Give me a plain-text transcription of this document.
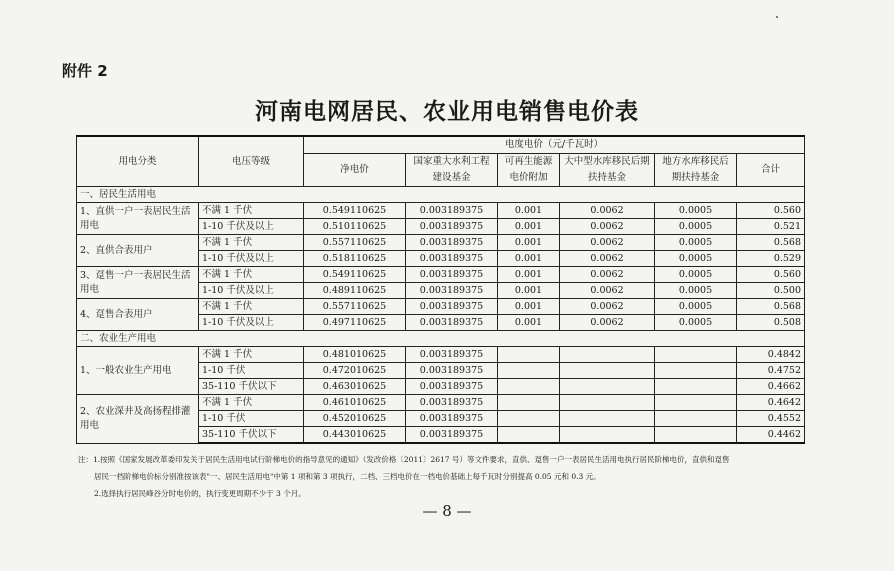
附件 2
河南电网居民、农业用电销售电价表
用电分类	电压等级	电度电价（元/千瓦时）					
		净电价	国家重大水利工程建设基金	可再生能源电价附加	大中型水库移民后期扶持基金	地方水库移民后期扶持基金	合计
一、居民生活用电							
1、直供一户一表居民生活用电	不满 1 千伏	0.549110625	0.003189375	0.001	0.0062	0.0005	0.560
	1-10 千伏及以上	0.510110625	0.003189375	0.001	0.0062	0.0005	0.521
2、直供合表用户	不满 1 千伏	0.557110625	0.003189375	0.001	0.0062	0.0005	0.568
	1-10 千伏及以上	0.518110625	0.003189375	0.001	0.0062	0.0005	0.529
3、趸售一户一表居民生活用电	不满 1 千伏	0.549110625	0.003189375	0.001	0.0062	0.0005	0.560
	1-10 千伏及以上	0.489110625	0.003189375	0.001	0.0062	0.0005	0.500
4、趸售合表用户	不满 1 千伏	0.557110625	0.003189375	0.001	0.0062	0.0005	0.568
	1-10 千伏及以上	0.497110625	0.003189375	0.001	0.0062	0.0005	0.508
二、农业生产用电							
1、一般农业生产用电	不满 1 千伏	0.481010625	0.003189375				0.4842
	1-10 千伏	0.472010625	0.003189375				0.4752
	35-110 千伏以下	0.463010625	0.003189375				0.4662
2、农业深井及高扬程排灌用电	不满 1 千伏	0.461010625	0.003189375				0.4642
	1-10 千伏	0.452010625	0.003189375				0.4552
	35-110 千伏以下	0.443010625	0.003189375				0.4462
注：1.按照《国家发展改革委印发关于居民生活用电试行阶梯电价的指导意见的通知》（发改价格〔2011〕2617 号）等文件要求，直供、趸售一户一表居民生活用电执行居民阶梯电价，直供和趸售
居民一档阶梯电价标分别准按该表"一、居民生活用电"中第 1 项和第 3 项执行，二档、三档电价在一档电价基础上每千瓦时分别提高 0.05 元和 0.3 元。
2.选择执行居民峰谷分时电价的，执行变更周期不少于 3 个月。
— 8 —
